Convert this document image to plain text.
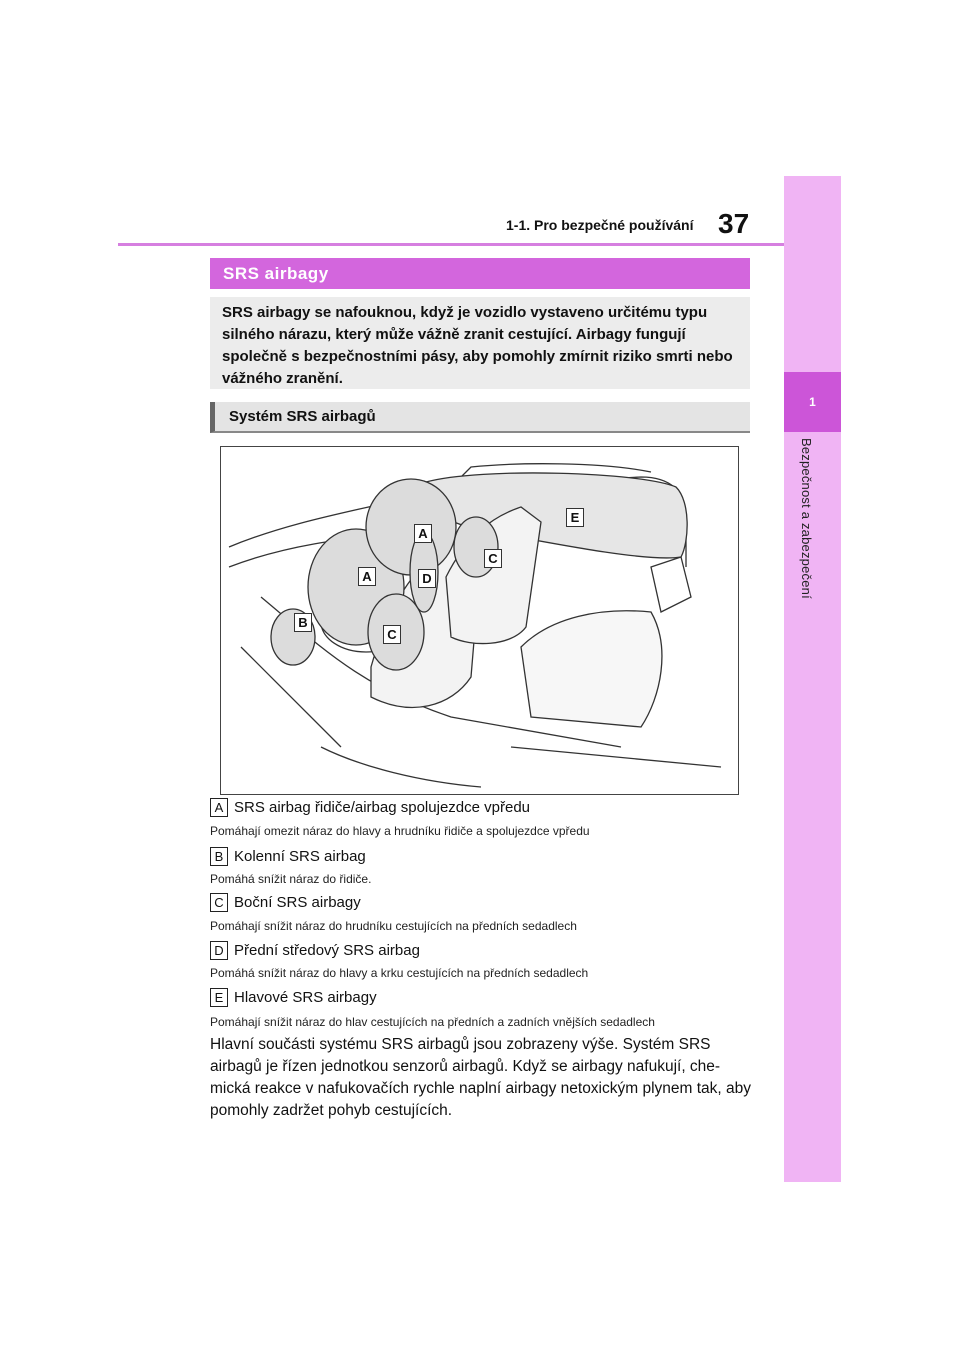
1
Bezpečnost a zabezpečení
1-1. Pro bezpečné používání 37
SRS airbagy
SRS airbagy se nafouknou, když je vozidlo vystaveno určitému typu silného nárazu, který může vážně zranit cestující. Airbagy fungují společně s bezpečnostními pásy, aby pomohly zmírnit riziko smrti nebo vážného zranění.
Systém SRS airbagů
A
A
B
C
C
D
E
A SRS airbag řidiče/airbag spolujezdce vpředu
Pomáhají omezit náraz do hlavy a hrudníku řidiče a spolujezdce vpředu
B Kolenní SRS airbag
Pomáhá snížit náraz do řidiče.
C Boční SRS airbagy
Pomáhají snížit náraz do hrudníku cestujících na předních sedadlech
D Přední středový SRS airbag
Pomáhá snížit náraz do hlavy a krku cestujících na předních sedadlech
E Hlavové SRS airbagy
Pomáhají snížit náraz do hlav cestujících na předních a zadních vnějších sedadlech
Hlavní součásti systému SRS airbagů jsou zobrazeny výše. Systém SRS airbagů je řízen jednotkou senzorů airbagů. Když se airbagy nafukují, che-mická reakce v nafukovačích rychle naplní airbagy netoxickým plynem tak, aby pomohly zadržet pohyb cestujících.
